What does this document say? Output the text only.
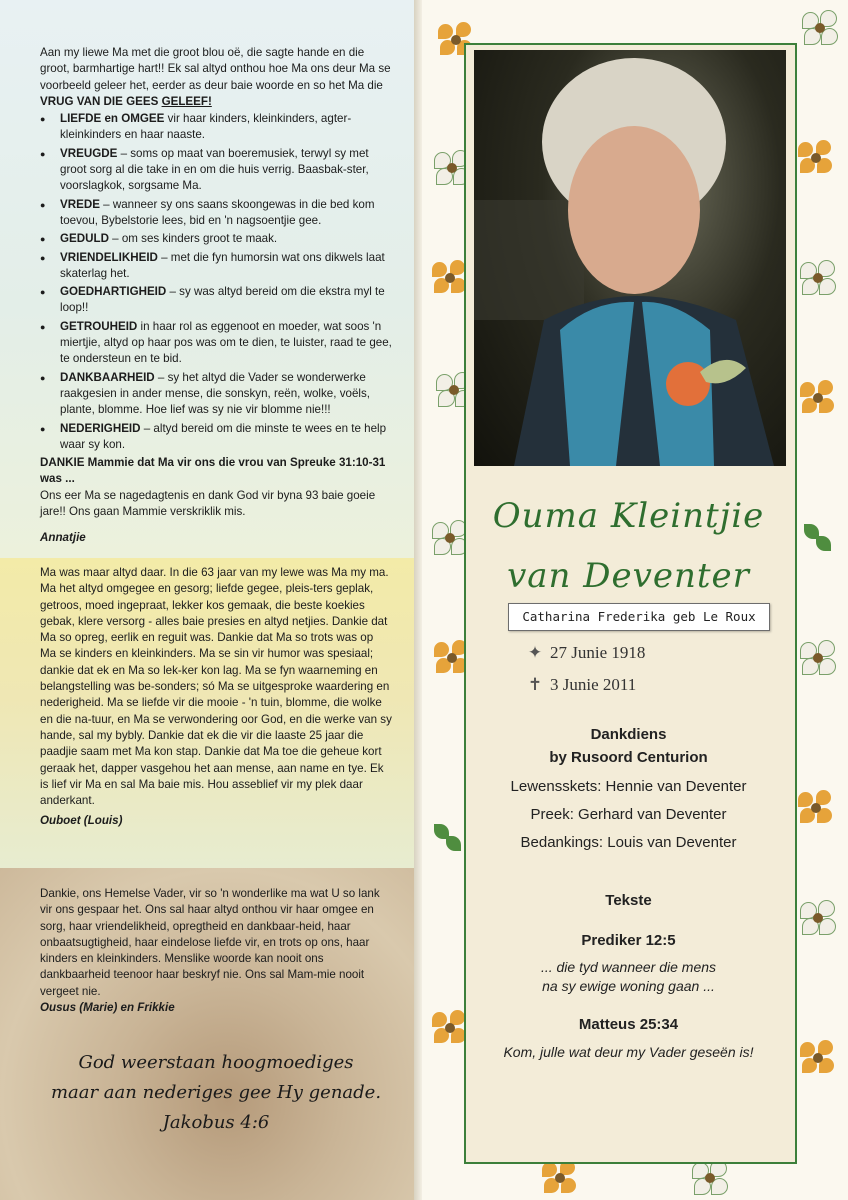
Aan my liewe Ma met die groot blou oë, die sagte hande en die groot, barmhartige hart!! Ek sal altyd onthou hoe Ma ons deur Ma se voorbeeld geleer het, eerder as deur baie woorde en so het Ma die VRUG VAN DIE GEES GELEEF!

● LIEFDE en OMGEE vir haar kinders, kleinkinders, agter-kleinkinders en haar naaste.
● VREUGDE – soms op maat van boeremusiek, terwyl sy met groot sorg al die take in en om die huis verrig. Baasbak-ster, voorslagkok, sorgsame Ma.
● VREDE – wanneer sy ons saans skoongewas in die bed kom toevou, Bybelstorie lees, bid en 'n nagsoentjie gee.
● GEDULD – om ses kinders groot te maak.
● VRIENDELIKHEID – met die fyn humorsin wat ons dikwels laat skaterlag het.
● GOEDHARTIGHEID – sy was altyd bereid om die ekstra myl te loop!!
● GETROUHEID in haar rol as eggenoot en moeder, wat soos 'n miertjie, altyd op haar pos was om te dien, te luister, raad te gee, te ondersteun en te bid.
● DANKBAARHEID – sy het altyd die Vader se wonderwerke raakgesien in ander mense, die sonskyn, reën, wolke, voëls, plante, blomme. Hoe lief was sy nie vir blomme nie!!!
● NEDERIGHEID – altyd bereid om die minste te wees en te help waar sy kon.

DANKIE Mammie dat Ma vir ons die vrou van Spreuke 31:10-31 was ...

Ons eer Ma se nagedagtenis en dank God vir byna 93 baie goeie jare!! Ons gaan Mammie verskriklik mis.

Annatjie

Ma was maar altyd daar. In die 63 jaar van my lewe was Ma my ma. Ma het altyd omgegee en gesorg; liefde gegee, pleis-ters geplak, getroos, moed ingepraat, lekker kos gemaak, die beste koekies gebak, klere versorg - alles baie presies en altyd netjies. Dankie dat Ma so opreg, eerlik en reguit was. Dankie dat Ma so trots was op Ma se kinders en kleinkinders. Ma se sin vir humor was spesiaal; dankie dat ek en Ma so lek-ker kon lag. Ma se fyn waarneming en belangstelling was be-sonders; só Ma se uitgesproke waardering en nederigheid. Ma se liefde vir die mooie - 'n tuin, blomme, die wolke en die na-tuur, en Ma se verwondering oor God, en die werke van sy hande, sal my bybly. Dankie dat ek die vir die laaste 25 jaar die paadjie saam met Ma kon stap. Dankie dat Ma toe die geheue kort geraak het, dapper vasgehou het aan mense, aan name en tye. Ek is lief vir Ma en sal Ma baie mis. Hou asseblief vir my plek daar anderkant.

Ouboet (Louis)

Dankie, ons Hemelse Vader, vir so 'n wonderlike ma wat U so lank vir ons gespaar het. Ons sal haar altyd onthou vir haar omgee en sorg, haar vriendelikheid, opregtheid en dankbaar-heid, haar onbaatsugtigheid, haar eindelose liefde vir, en trots op ons, haar kinders en kleinkinders. Menslike woorde kan nooit ons dankbaarheid teenoor haar beskryf nie. Ons sal Mam-mie nooit vergeet nie.

Ousus (Marie) en Frikkie

God weerstaan hoogmoediges
maar aan nederiges gee Hy genade.
Jakobus 4:6
Ouma Kleintjie
van Deventer
Catharina Frederika geb Le Roux
✦ 27 Junie 1918
✝ 3 Junie 2011
Dankdiens
by Rusoord Centurion
Lewensskets: Hennie van Deventer
Preek: Gerhard van Deventer
Bedankings: Louis van Deventer
Tekste
Prediker 12:5
... die tyd wanneer die mens
na sy ewige woning gaan ...
Matteus 25:34
Kom, julle wat deur my Vader geseën is!
